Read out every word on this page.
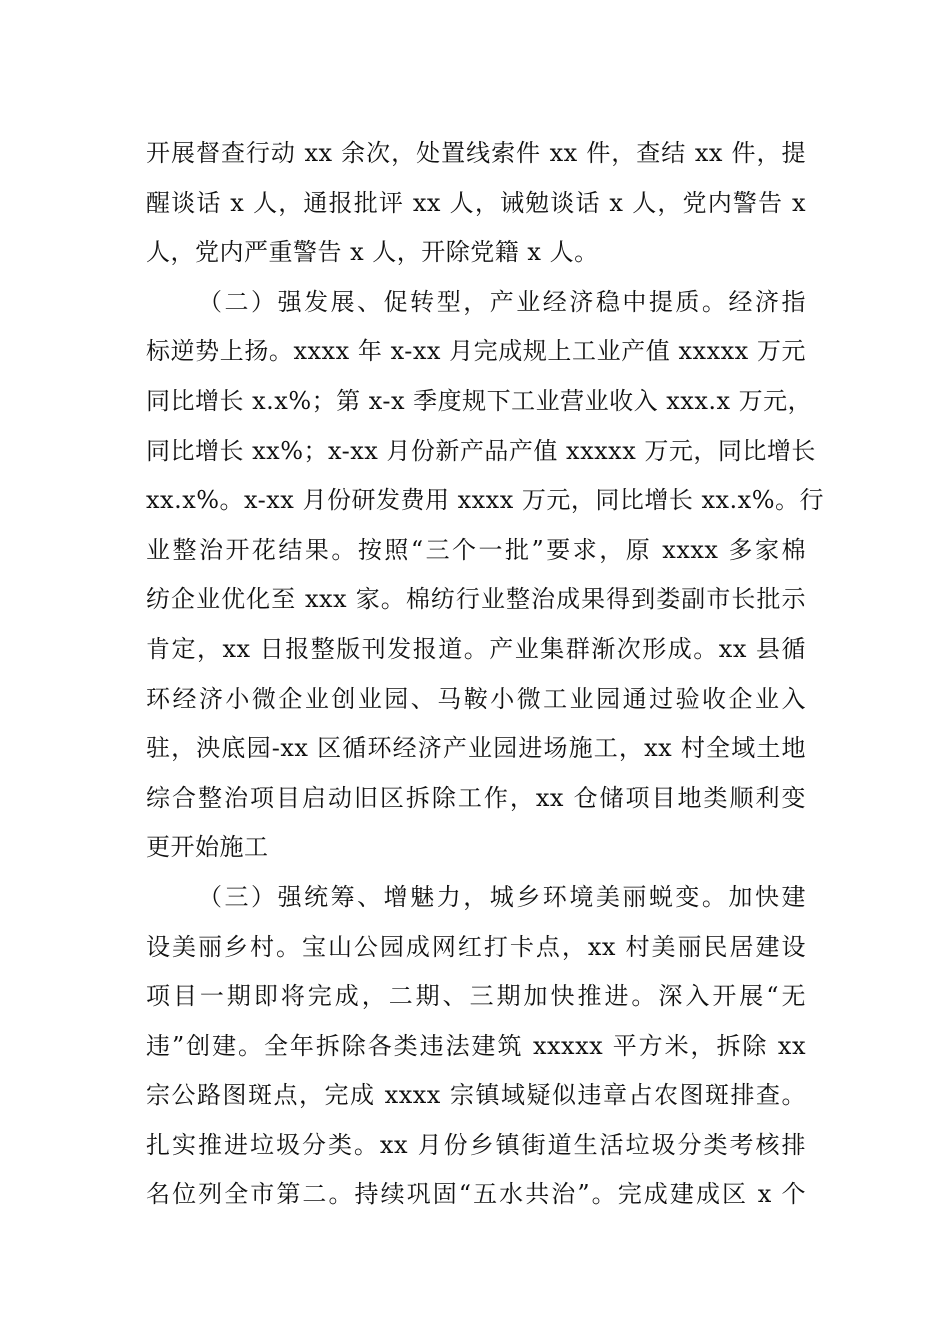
开展督查行动 xx 余次，处置线索件 xx 件，查结 xx 件，提
醒谈话 x 人，通报批评 xx 人，诫勉谈话 x 人，党内警告 x
人，党内严重警告 x 人，开除党籍 x 人。
（二）强发展、促转型，产业经济稳中提质。经济指
标逆势上扬。xxxx 年 x-xx 月完成规上工业产值 xxxxx 万元
同比增长 x.x%；第 x-x 季度规下工业营业收入 xxx.x 万元，
同比增长 xx%；x-xx 月份新产品产值 xxxxx 万元，同比增长
xx.x%。x-xx 月份研发费用 xxxx 万元，同比增长 xx.x%。行
业整治开花结果。按照“三个一批”要求，原 xxxx 多家棉
纺企业优化至 xxx 家。棉纺行业整治成果得到娄副市长批示
肯定，xx 日报整版刊发报道。产业集群渐次形成。xx 县循
环经济小微企业创业园、马鞍小微工业园通过验收企业入
驻，泱底园-xx 区循环经济产业园进场施工，xx 村全域土地
综合整治项目启动旧区拆除工作，xx 仓储项目地类顺利变
更开始施工
（三）强统筹、增魅力，城乡环境美丽蜕变。加快建
设美丽乡村。宝山公园成网红打卡点，xx 村美丽民居建设
项目一期即将完成，二期、三期加快推进。深入开展“无
违”创建。全年拆除各类违法建筑 xxxxx 平方米，拆除 xx
宗公路图斑点，完成 xxxx 宗镇域疑似违章占农图斑排查。
扎实推进垃圾分类。xx 月份乡镇街道生活垃圾分类考核排
名位列全市第二。持续巩固“五水共治”。完成建成区 x 个
